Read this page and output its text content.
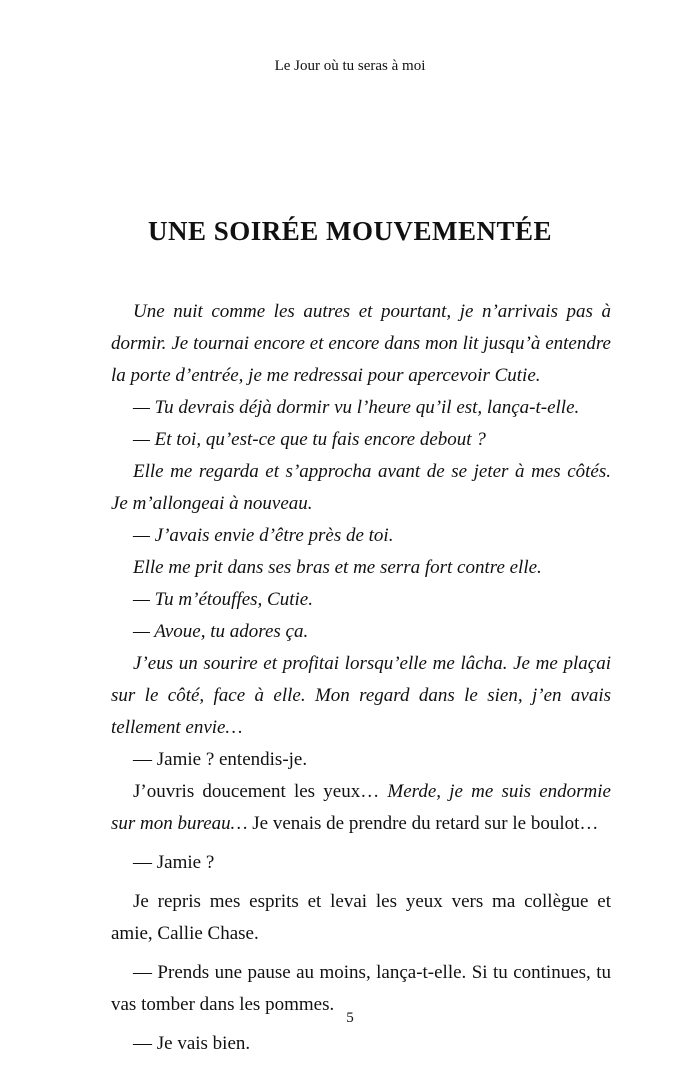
Le Jour où tu seras à moi
UNE SOIRÉE MOUVEMENTÉE

Une nuit comme les autres et pourtant, je n’arrivais pas à dormir. Je tournai encore et encore dans mon lit jusqu’à entendre la porte d’entrée, je me redressai pour apercevoir Cutie.

— Tu devrais déjà dormir vu l’heure qu’il est, lança-t-elle.

— Et toi, qu’est-ce que tu fais encore debout ?

Elle me regarda et s’approcha avant de se jeter à mes côtés. Je m’allongeai à nouveau.

— J’avais envie d’être près de toi.

Elle me prit dans ses bras et me serra fort contre elle.

— Tu m’étouffes, Cutie.

— Avoue, tu adores ça.

J’eus un sourire et profitai lorsqu’elle me lâcha. Je me plaçai sur le côté, face à elle. Mon regard dans le sien, j’en avais tellement envie…

— Jamie ? entendis-je.

J’ouvris doucement les yeux… Merde, je me suis endormie sur mon bureau… Je venais de prendre du retard sur le boulot…

— Jamie ?

Je repris mes esprits et levai les yeux vers ma collègue et amie, Callie Chase.

— Prends une pause au moins, lança-t-elle. Si tu continues, tu vas tomber dans les pommes.

— Je vais bien.

5
